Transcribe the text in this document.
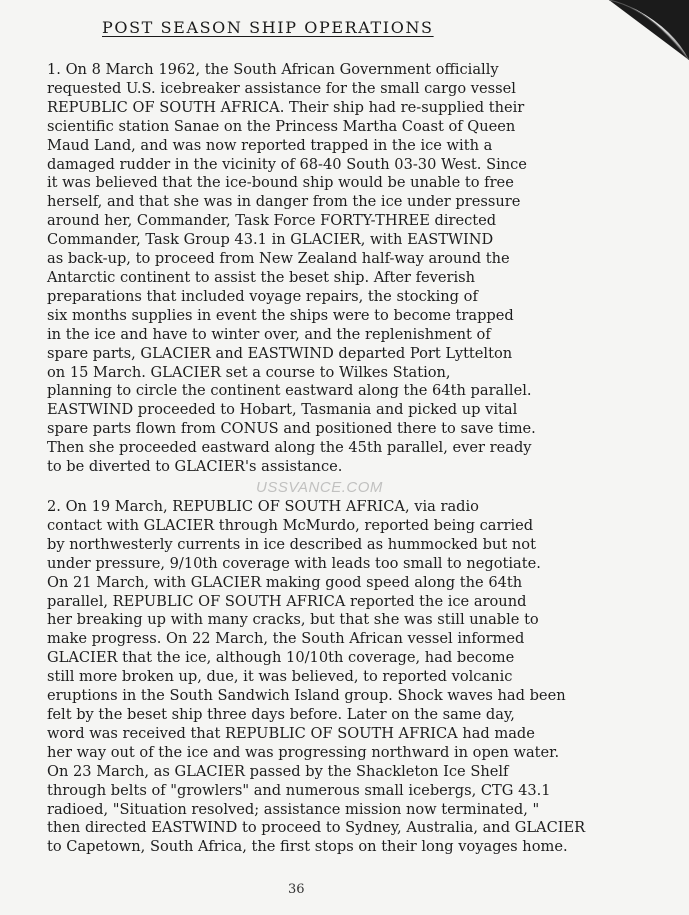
POST SEASON SHIP OPERATIONS
1. On 8 March 1962, the South African Government officially
requested U.S. icebreaker assistance for the small cargo vessel
REPUBLIC OF SOUTH AFRICA. Their ship had re-supplied their
scientific station Sanae on the Princess Martha Coast of Queen
Maud Land, and was now reported trapped in the ice with a
damaged rudder in the vicinity of 68-40 South 03-30 West. Since
it was believed that the ice-bound ship would be unable to free
herself, and that she was in danger from the ice under pressure
around her, Commander, Task Force FORTY-THREE directed
Commander, Task Group 43.1 in GLACIER, with EASTWIND
as back-up, to proceed from New Zealand half-way around the
Antarctic continent to assist the beset ship. After feverish
preparations that included voyage repairs, the stocking of
six months supplies in event the ships were to become trapped
in the ice and have to winter over, and the replenishment of
spare parts, GLACIER and EASTWIND departed Port Lyttelton
on 15 March. GLACIER set a course to Wilkes Station,
planning to circle the continent eastward along the 64th parallel.
EASTWIND proceeded to Hobart, Tasmania and picked up vital
spare parts flown from CONUS and positioned there to save time.
Then she proceeded eastward along the 45th parallel, ever ready
to be diverted to GLACIER's assistance.
USSVANCE.COM
2. On 19 March, REPUBLIC OF SOUTH AFRICA, via radio
contact with GLACIER through McMurdo, reported being carried
by northwesterly currents in ice described as hummocked but not
under pressure, 9/10th coverage with leads too small to negotiate.
On 21 March, with GLACIER making good speed along the 64th
parallel, REPUBLIC OF SOUTH AFRICA reported the ice around
her breaking up with many cracks, but that she was still unable to
make progress. On 22 March, the South African vessel informed
GLACIER that the ice, although 10/10th coverage, had become
still more broken up, due, it was believed, to reported volcanic
eruptions in the South Sandwich Island group. Shock waves had been
felt by the beset ship three days before. Later on the same day,
word was received that REPUBLIC OF SOUTH AFRICA had made
her way out of the ice and was progressing northward in open water.
On 23 March, as GLACIER passed by the Shackleton Ice Shelf
through belts of "growlers" and numerous small icebergs, CTG 43.1
radioed, "Situation resolved; assistance mission now terminated, "
then directed EASTWIND to proceed to Sydney, Australia, and GLACIER
to Capetown, South Africa, the first stops on their long voyages home.
36
